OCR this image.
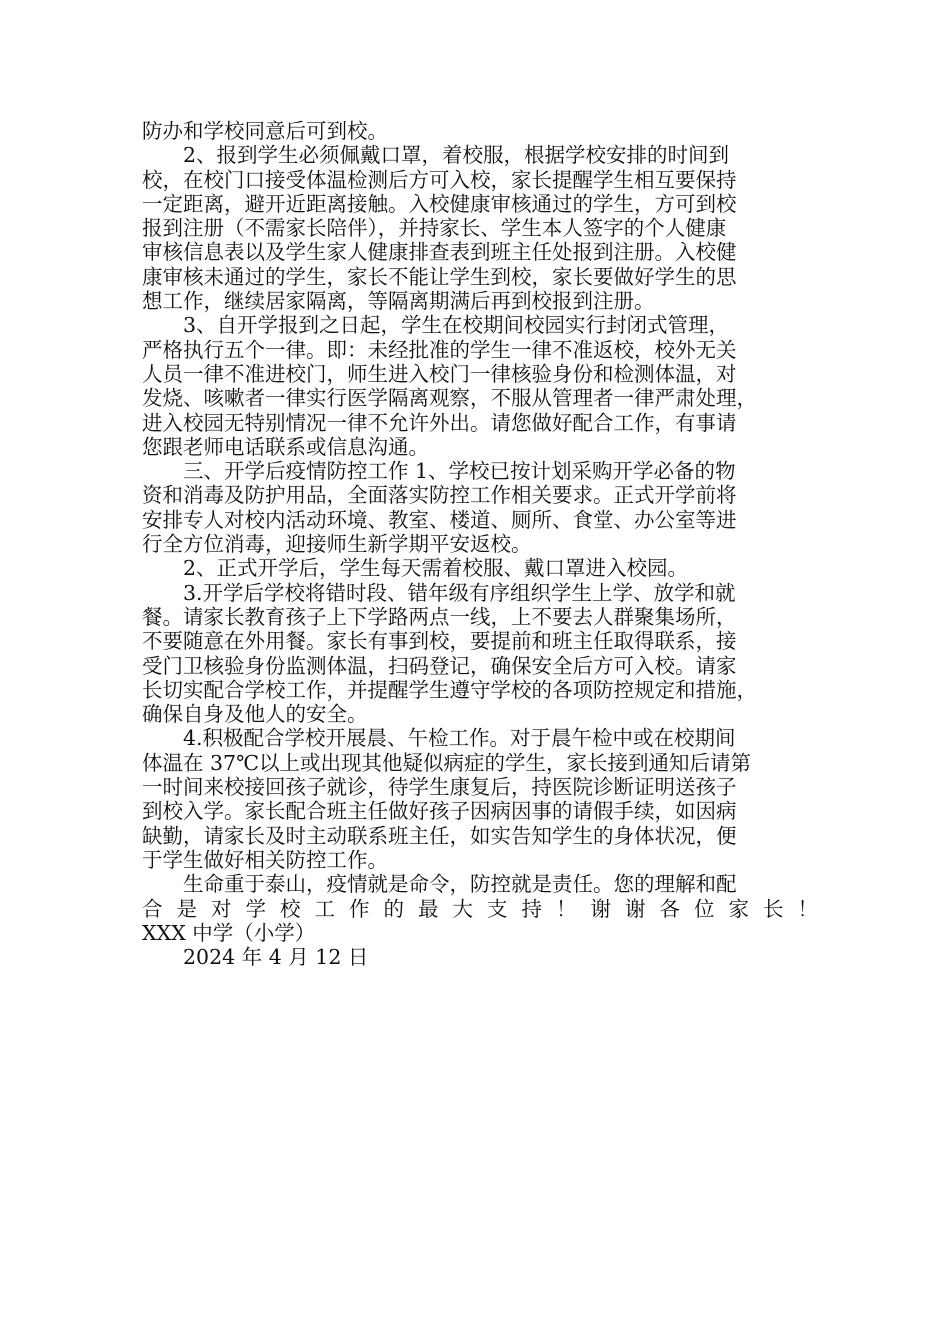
防办和学校同意后可到校。
　　2、报到学生必须佩戴口罩，着校服，根据学校安排的时间到
校，在校门口接受体温检测后方可入校，家长提醒学生相互要保持
一定距离，避开近距离接触。入校健康审核通过的学生，方可到校
报到注册（不需家长陪伴），并持家长、学生本人签字的个人健康
审核信息表以及学生家人健康排查表到班主任处报到注册。入校健
康审核未通过的学生，家长不能让学生到校，家长要做好学生的思
想工作，继续居家隔离，等隔离期满后再到校报到注册。
　　3、自开学报到之日起，学生在校期间校园实行封闭式管理，
严格执行五个一律。即：未经批准的学生一律不准返校，校外无关
人员一律不准进校门，师生进入校门一律核验身份和检测体温，对
发烧、咳嗽者一律实行医学隔离观察，不服从管理者一律严肃处理，
进入校园无特别情况一律不允许外出。请您做好配合工作，有事请
您跟老师电话联系或信息沟通。
　　三、开学后疫情防控工作 1、学校已按计划采购开学必备的物
资和消毒及防护用品，全面落实防控工作相关要求。正式开学前将
安排专人对校内活动环境、教室、楼道、厕所、食堂、办公室等进
行全方位消毒，迎接师生新学期平安返校。
　　2、正式开学后，学生每天需着校服、戴口罩进入校园。
　　3.开学后学校将错时段、错年级有序组织学生上学、放学和就
餐。请家长教育孩子上下学路两点一线，上不要去人群聚集场所，
不要随意在外用餐。家长有事到校，要提前和班主任取得联系，接
受门卫核验身份监测体温，扫码登记，确保安全后方可入校。请家
长切实配合学校工作，并提醒学生遵守学校的各项防控规定和措施，
确保自身及他人的安全。
　　4.积极配合学校开展晨、午检工作。对于晨午检中或在校期间
体温在 37℃以上或出现其他疑似病症的学生，家长接到通知后请第
一时间来校接回孩子就诊，待学生康复后，持医院诊断证明送孩子
到校入学。家长配合班主任做好孩子因病因事的请假手续，如因病
缺勤，请家长及时主动联系班主任，如实告知学生的身体状况，便
于学生做好相关防控工作。
　　生命重于泰山，疫情就是命令，防控就是责任。您的理解和配
合是对学校工作的最大支持！谢谢各位家长！
XXX 中学（小学）
　　2024 年 4 月 12 日
